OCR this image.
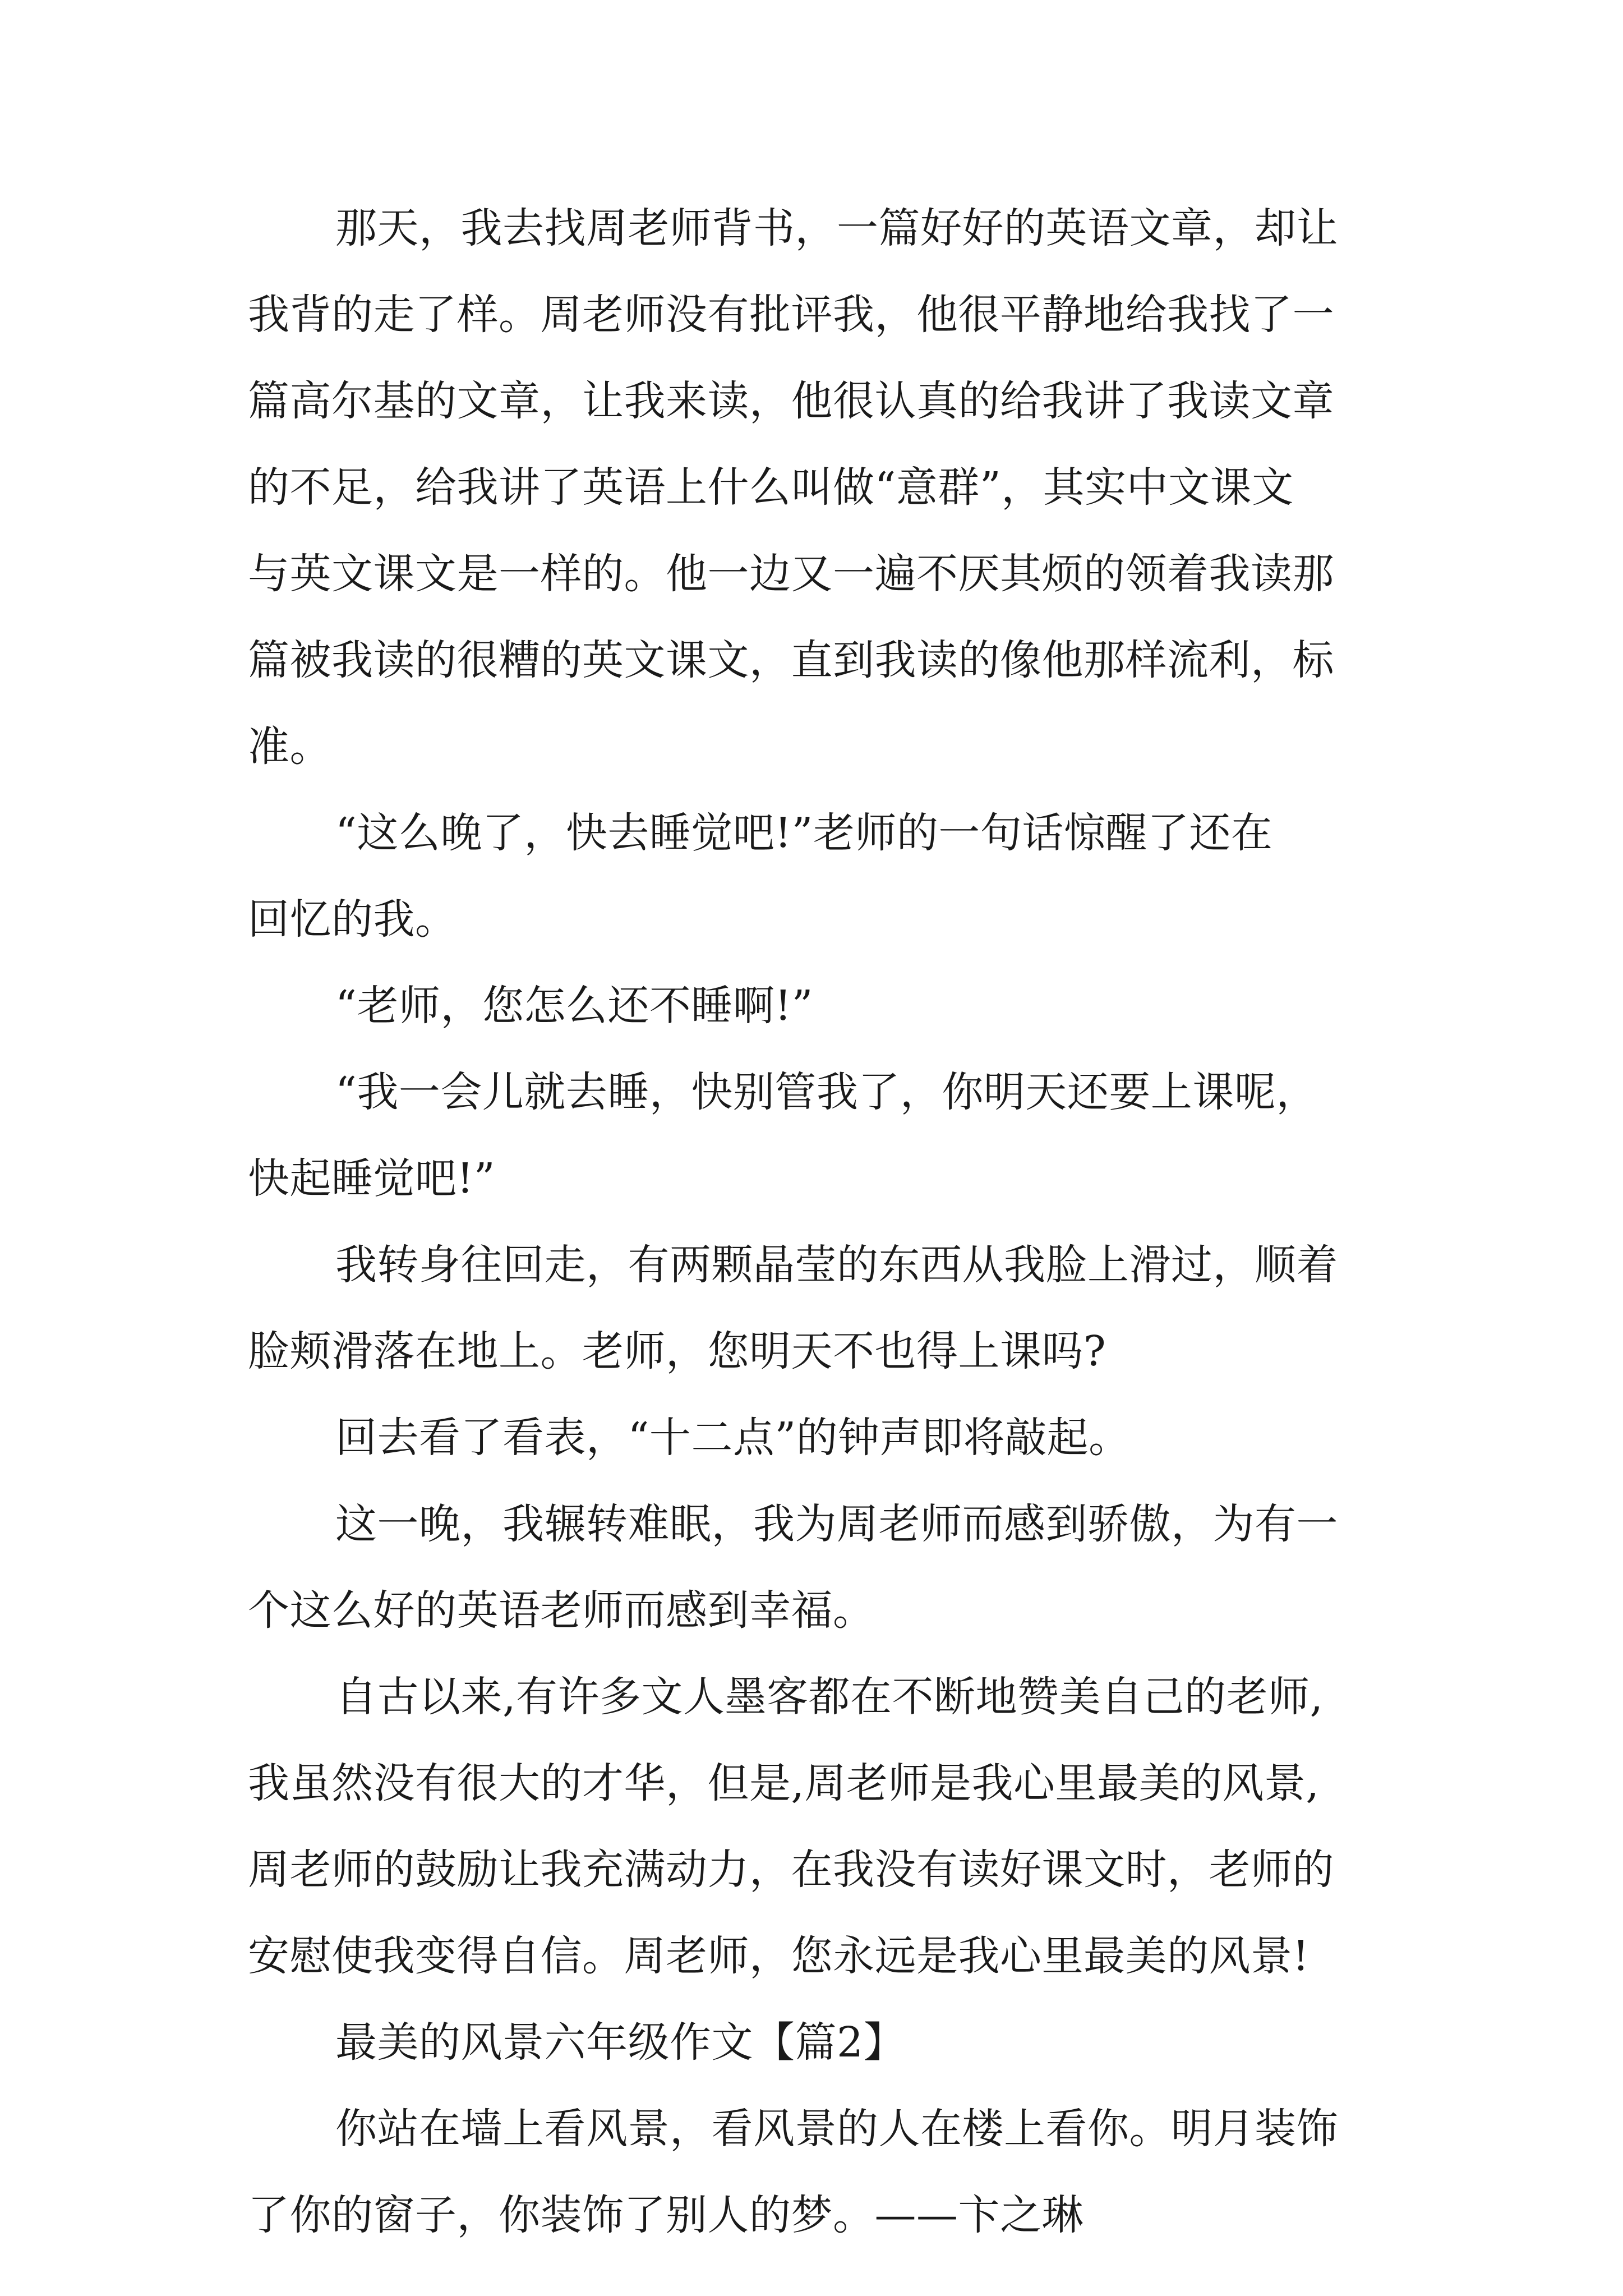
那天，我去找周老师背书，一篇好好的英语文章，却让
我背的走了样。周老师没有批评我，他很平静地给我找了一
篇高尔基的文章，让我来读，他很认真的给我讲了我读文章
的不足，给我讲了英语上什么叫做“意群”，其实中文课文
与英文课文是一样的。他一边又一遍不厌其烦的领着我读那
篇被我读的很糟的英文课文，直到我读的像他那样流利，标
准。
“这么晚了，快去睡觉吧!”老师的一句话惊醒了还在
回忆的我。
“老师，您怎么还不睡啊!”
“我一会儿就去睡，快别管我了，你明天还要上课呢，
快起睡觉吧!”
我转身往回走，有两颗晶莹的东西从我脸上滑过，顺着
脸颊滑落在地上。老师，您明天不也得上课吗?
回去看了看表，“十二点”的钟声即将敲起。
这一晚，我辗转难眠，我为周老师而感到骄傲，为有一
个这么好的英语老师而感到幸福。
自古以来,有许多文人墨客都在不断地赞美自己的老师,
我虽然没有很大的才华，但是,周老师是我心里最美的风景,
周老师的鼓励让我充满动力，在我没有读好课文时，老师的
安慰使我变得自信。周老师，您永远是我心里最美的风景!
最美的风景六年级作文【篇2】
你站在墙上看风景，看风景的人在楼上看你。明月装饰
了你的窗子，你装饰了别人的梦。——卞之琳
